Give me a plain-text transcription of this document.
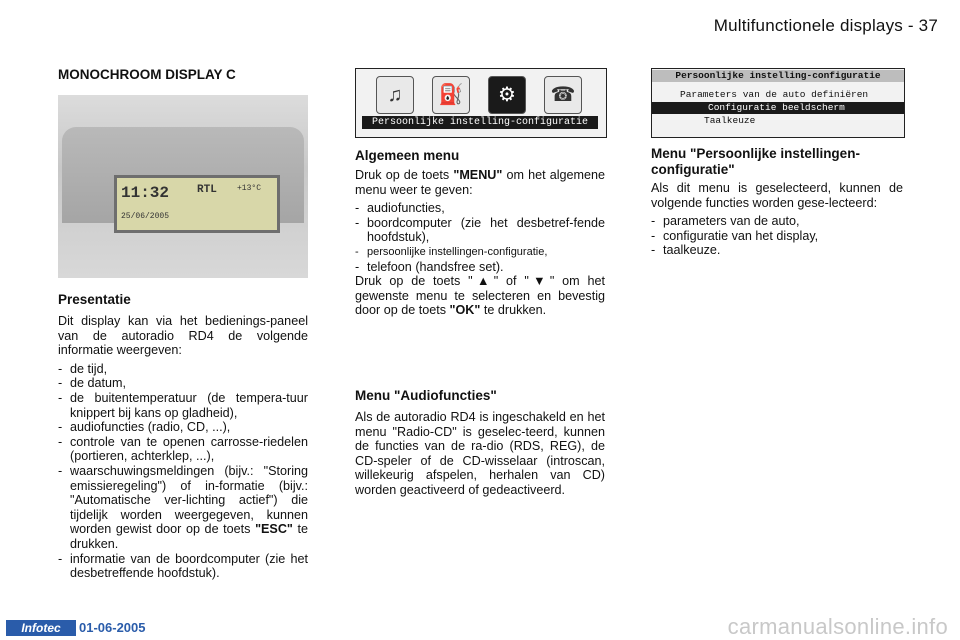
Multifunctionele displays - 37
MONOCHROOM DISPLAY C
11:32
25/06/2005
RTL	+13°C
Presentatie

Dit display kan via het bedienings-paneel van de autoradio RD4 de volgende informatie weergeven:

- de tijd,
- de datum,
- de buitentemperatuur (de tempera-tuur knippert bij kans op gladheid),
- audiofuncties (radio, CD, ...),
- controle van te openen carrosse-riedelen (portieren, achterklep, ...),
- waarschuwingsmeldingen (bijv.: "Storing emissieregeling") of in-formatie (bijv.: "Automatische ver-lichting actief") die tijdelijk worden weergegeven, kunnen worden gewist door op de toets "ESC" te drukken.
- informatie van de boordcomputer (zie het desbetreffende hoofdstuk).
♫	⛽	⚙	☎
Persoonlijke instelling-configuratie
Algemeen menu

Druk op de toets "MENU" om het algemene menu weer te geven:

- audiofuncties,
- boordcomputer (zie het desbetref-fende hoofdstuk),
- persoonlijke instellingen-configuratie,
- telefoon (handsfree set).

Druk op de toets "▲" of "▼" om het gewenste menu te selecteren en bevestig door op de toets "OK" te drukken.

Menu "Audiofuncties"
Als de autoradio RD4 is ingeschakeld en het menu "Radio-CD" is geselec-teerd, kunnen de functies van de ra-dio (RDS, REG), de CD-speler of de CD-wisselaar (introscan, willekeurig afspelen, herhalen van CD) worden geactiveerd of gedeactiveerd.
Persoonlijke instelling-configuratie
Parameters van de auto definiëren
Configuratie beeldscherm
Taalkeuze
Menu "Persoonlijke instellingen-configuratie"

Als dit menu is geselecteerd, kunnen de volgende functies worden gese-lecteerd:

- parameters van de auto,
- configuratie van het display,
- taalkeuze.
Infotec	01-06-2005	carmanualsonline.info
